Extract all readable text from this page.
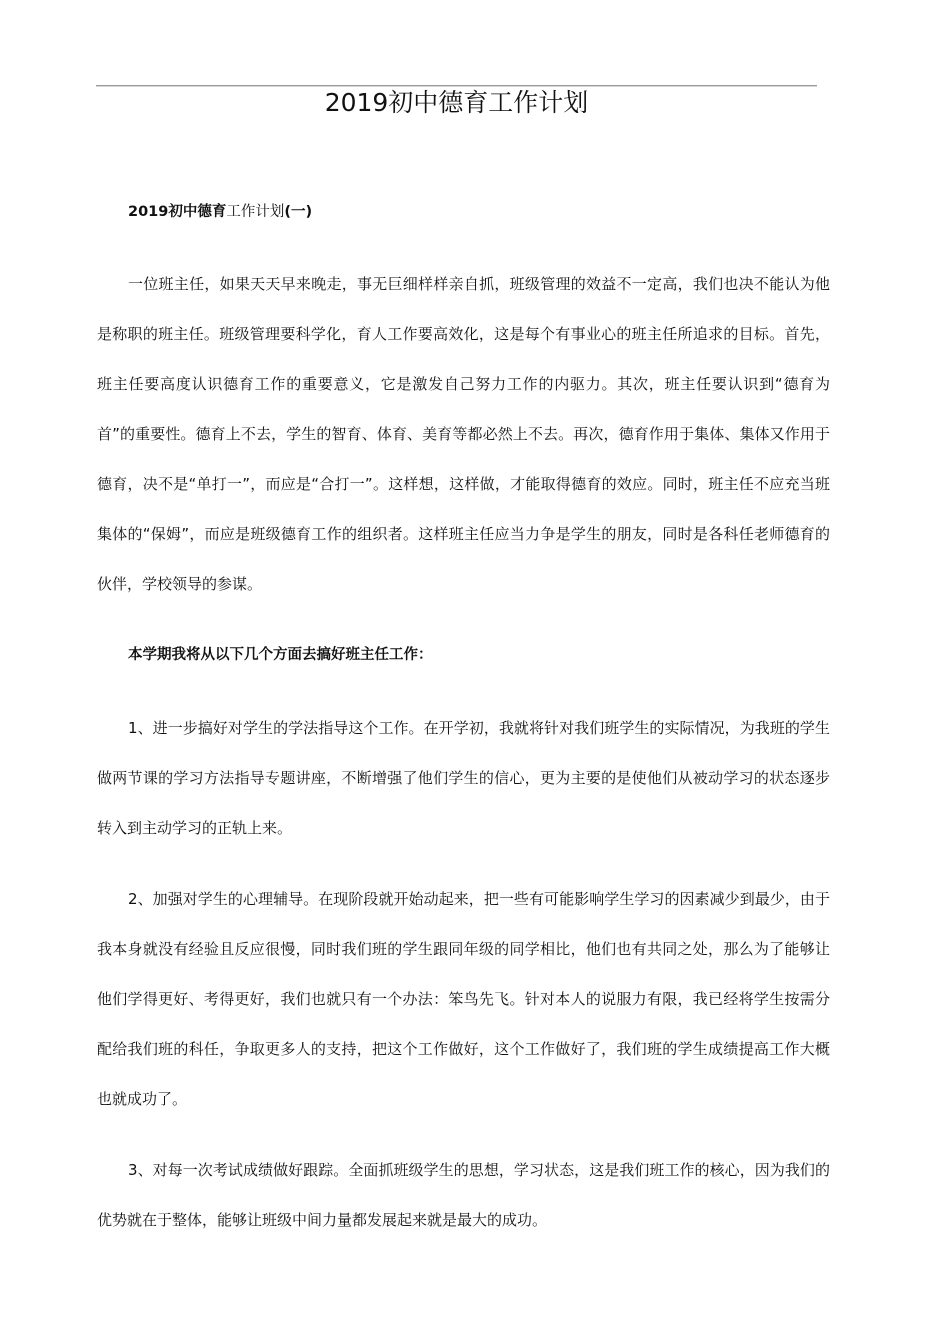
2019初中德育工作计划

2019初中德育工作计划(一)

一位班主任，如果天天早来晚走，事无巨细样样亲自抓，班级管理的效益不一定高，我们也决不能认为他是称职的班主任。班级管理要科学化，育人工作要高效化，这是每个有事业心的班主任所追求的目标。首先，班主任要高度认识德育工作的重要意义，它是激发自己努力工作的内驱力。其次，班主任要认识到“德育为首”的重要性。德育上不去，学生的智育、体育、美育等都必然上不去。再次，德育作用于集体、集体又作用于德育，决不是“单打一”，而应是“合打一”。这样想，这样做，才能取得德育的效应。同时，班主任不应充当班集体的“保姆”，而应是班级德育工作的组织者。这样班主任应当力争是学生的朋友，同时是各科任老师德育的伙伴，学校领导的参谋。

本学期我将从以下几个方面去搞好班主任工作：

1、进一步搞好对学生的学法指导这个工作。在开学初，我就将针对我们班学生的实际情况，为我班的学生做两节课的学习方法指导专题讲座，不断增强了他们学生的信心，更为主要的是使他们从被动学习的状态逐步转入到主动学习的正轨上来。

2、加强对学生的心理辅导。在现阶段就开始动起来，把一些有可能影响学生学习的因素减少到最少，由于我本身就没有经验且反应很慢，同时我们班的学生跟同年级的同学相比，他们也有共同之处，那么为了能够让他们学得更好、考得更好，我们也就只有一个办法：笨鸟先飞。针对本人的说服力有限，我已经将学生按需分配给我们班的科任，争取更多人的支持，把这个工作做好，这个工作做好了，我们班的学生成绩提高工作大概也就成功了。

3、对每一次考试成绩做好跟踪。全面抓班级学生的思想，学习状态，这是我们班工作的核心，因为我们的优势就在于整体，能够让班级中间力量都发展起来就是最大的成功。
